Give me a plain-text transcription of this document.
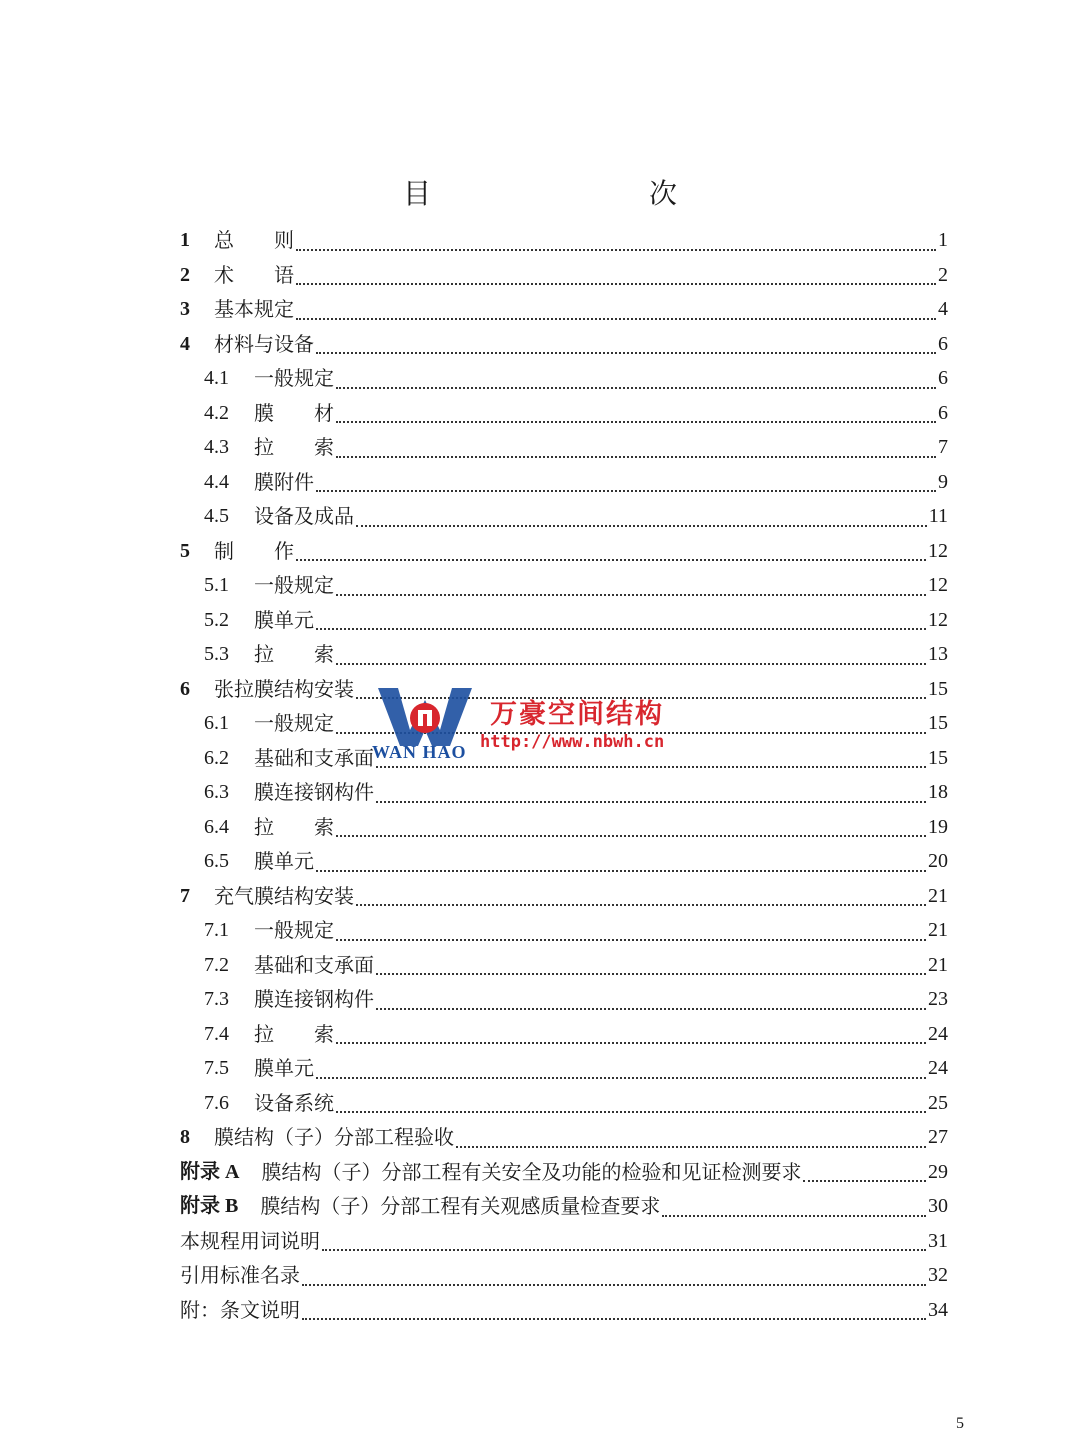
目　　次
1	总　　则	1
2	术　　语	2
3	基本规定	4
4	材料与设备	6
4.1	一般规定	6
4.2	膜　　材	6
4.3	拉　　索	7
4.4	膜附件	9
4.5	设备及成品	11
5	制　　作	12
5.1	一般规定	12
5.2	膜单元	12
5.3	拉　　索	13
6	张拉膜结构安装	15
6.1	一般规定	15
6.2	基础和支承面	15
6.3	膜连接钢构件	18
6.4	拉　　索	19
6.5	膜单元	20
7	充气膜结构安装	21
7.1	一般规定	21
7.2	基础和支承面	21
7.3	膜连接钢构件	23
7.4	拉　　索	24
7.5	膜单元	24
7.6	设备系统	25
8	膜结构（子）分部工程验收	27
附录 A 膜结构（子）分部工程有关安全及功能的检验和见证检测要求	29
附录 B 膜结构（子）分部工程有关观感质量检查要求	30
本规程用词说明	31
引用标准名录	32
附：条文说明	34
WAN HAO
万豪空间结构
http://www.nbwh.cn
5
